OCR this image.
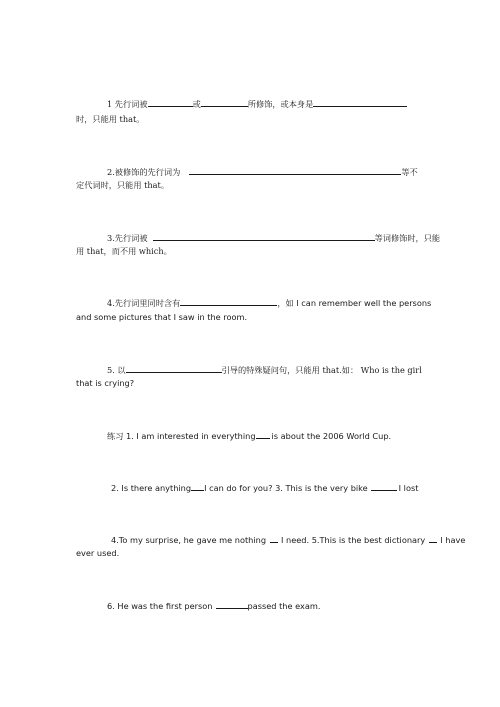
1 先行词被	或	所修饰，或本身是
时，只能用 that。
2.被修饰的先行词为	等不
定代词时，只能用 that。
3.先行词被	等词修饰时，只能
用 that，而不用 which。
4.先行词里同时含有	，如 I can remember well the persons
and some pictures that I saw in the room.
5. 以	引导的特殊疑问句，只能用 that.如： Who is the girl
that is crying?
练习 1. I am interested in everything is about the 2006 World Cup.
2. Is there anything I can do for you? 3. This is the very bike	I lost
4.To my surprise, he gave me nothing I need. 5.This is the best dictionary I have
ever used.
6. He was the first person	passed the exam.
